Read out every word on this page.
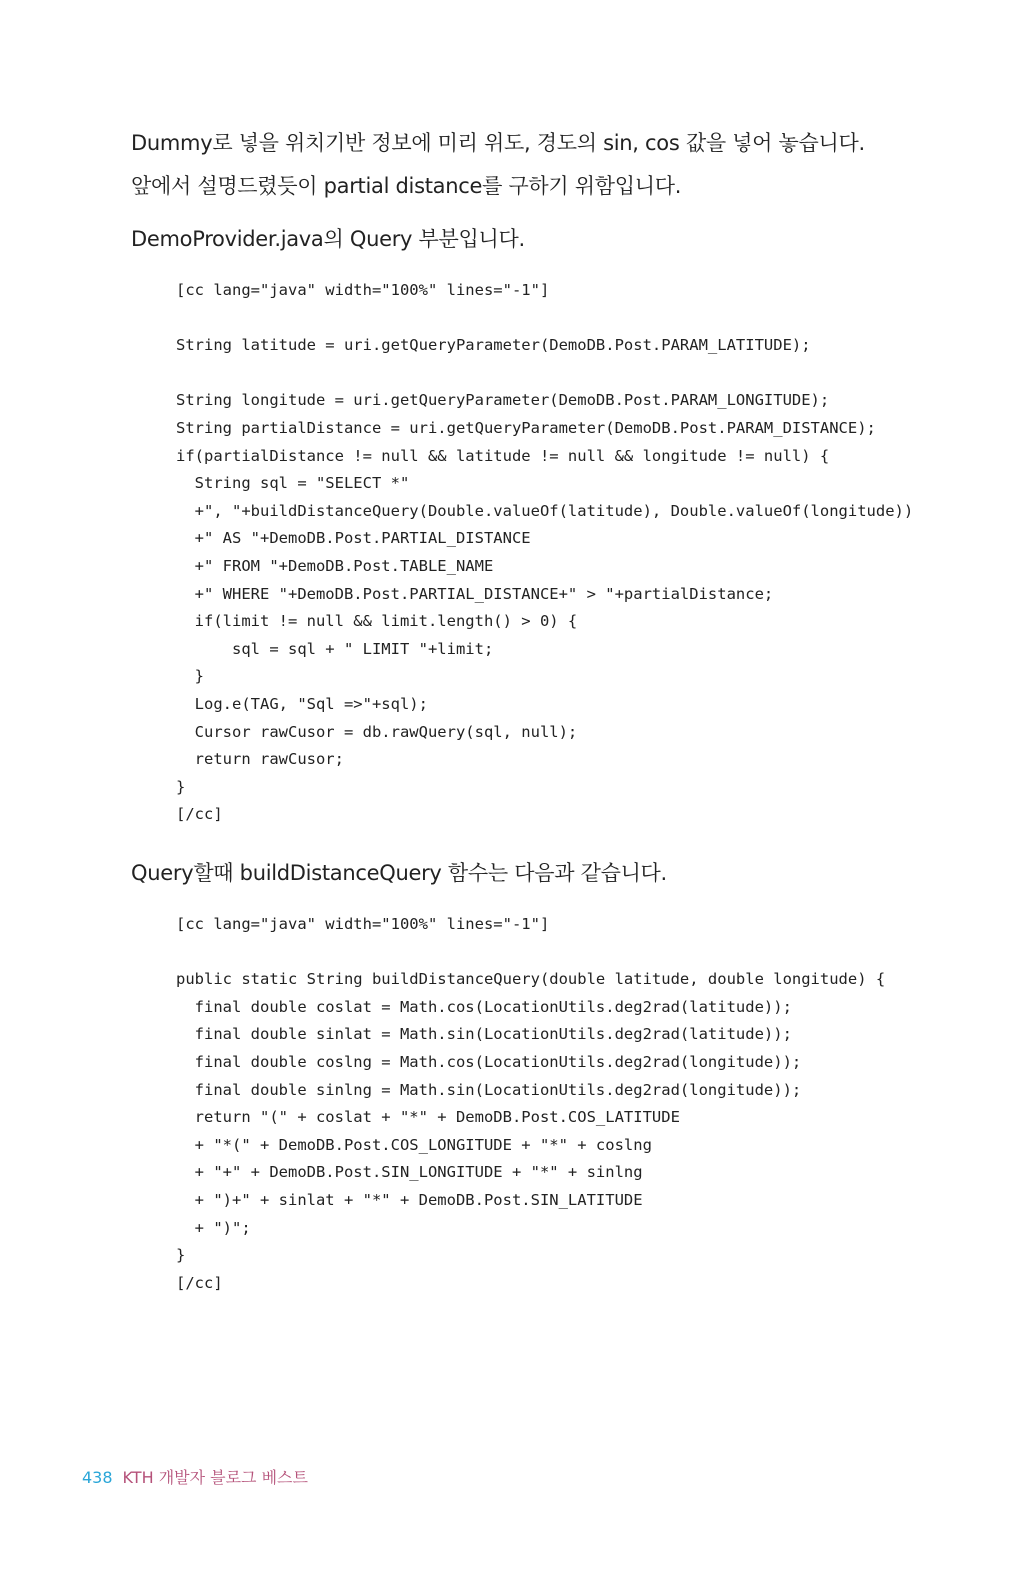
Dummy로 넣을 위치기반 정보에 미리 위도, 경도의 sin, cos 값을 넣어 놓습니다.
앞에서 설명드렸듯이 partial distance를 구하기 위함입니다.
DemoProvider.java의 Query 부분입니다.
[cc lang="java" width="100%" lines="-1"]
String latitude = uri.getQueryParameter(DemoDB.Post.PARAM_LATITUDE);
String longitude = uri.getQueryParameter(DemoDB.Post.PARAM_LONGITUDE);
String partialDistance = uri.getQueryParameter(DemoDB.Post.PARAM_DISTANCE);
if(partialDistance != null && latitude != null && longitude != null) {
String sql = "SELECT *"
+", "+buildDistanceQuery(Double.valueOf(latitude), Double.valueOf(longitude))
+" AS "+DemoDB.Post.PARTIAL_DISTANCE
+" FROM "+DemoDB.Post.TABLE_NAME
+" WHERE "+DemoDB.Post.PARTIAL_DISTANCE+" > "+partialDistance;
if(limit != null && limit.length() > 0) {
sql = sql + " LIMIT "+limit;
}
Log.e(TAG, "Sql =>"+sql);
Cursor rawCusor = db.rawQuery(sql, null);
return rawCusor;
}
[/cc]
Query할때 buildDistanceQuery 함수는 다음과 같습니다.
[cc lang="java" width="100%" lines="-1"]
public static String buildDistanceQuery(double latitude, double longitude) {
final double coslat = Math.cos(LocationUtils.deg2rad(latitude));
final double sinlat = Math.sin(LocationUtils.deg2rad(latitude));
final double coslng = Math.cos(LocationUtils.deg2rad(longitude));
final double sinlng = Math.sin(LocationUtils.deg2rad(longitude));
return "(" + coslat + "*" + DemoDB.Post.COS_LATITUDE
+ "*(" + DemoDB.Post.COS_LONGITUDE + "*" + coslng
+ "+" + DemoDB.Post.SIN_LONGITUDE + "*" + sinlng
+ ")+" + sinlat + "*" + DemoDB.Post.SIN_LATITUDE
+ ")";
}
[/cc]
438 KTH 개발자 블로그 베스트
